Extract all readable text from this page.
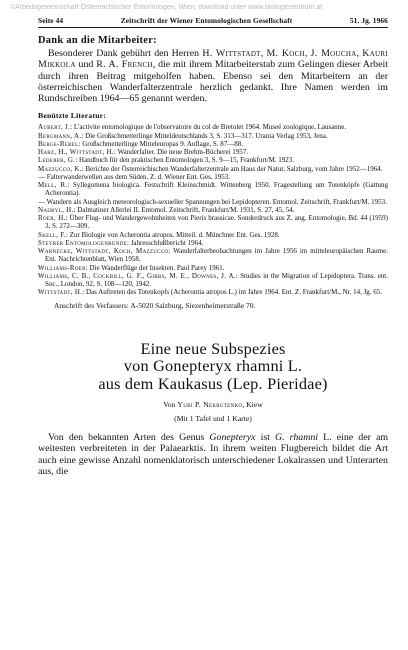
©Arbeitsgemeinschaft Österreichischer Entomologen, Wien, download unter www.biologiezentrum.at
Seite 44	Zeitschrift der Wiener Entomologischen Gesellschaft	51. Jg. 1966
Dank an die Mitarbeiter:

Besonderer Dank gebührt den Herren H. Wittstadt, M. Koch, J. Moucha, Kauri Mikkola und R. A. French, die mit ihrem Mitarbeiterstab zum Gelingen dieser Arbeit durch ihren Beitrag mitgeholfen haben. Ebenso sei den Mitarbeitern an der österreichischen Wanderfalterzentrale herzlich gedankt. Ihre Namen werden im Rundschreiben 1964—65 genannt werden.

Benützte Literatur:
Aubert, J.: L'activite entomologique de l'observatoire du col de Bretolet 1964. Museé zoologique, Lausanne.
Bergmann, A.: Die Großschmetterlinge Mitteldeutschlands 3, S. 313—317. Urania Verlag 1953, Jena.
Berge-Rebel: Großschmetterlinge Mitteleuropas 9. Auflage, S. 87—88.
Harz, H., Wittstadt, H.: Wanderfalter. Die neue Brehm-Bücherei 1957.
Lederer, G.: Handbuch für den praktischen Entomologen 3, S. 9—15, Frankfurt/M. 1923.
Mazzucco, K.: Berichte der Österreichischen Wanderfalterzentrale am Haus der Natur, Salzburg, vom Jahre 1952—1964.
— Falterwanderwellen aus dem Süden. Z. d. Wiener Ent. Ges. 1953.
Mell, R.: Syllegomena biologica. Festschrift Kleinschmidt. Wittenberg 1950. Fragestellung um Totenköpfe (Gattung Acherontia).
— Wandern als Ausgleich meteorologisch-sexueller Spannungen bei Lepidopteren. Entomol. Zeitschrift, Frankfurt/M. 1953.
Nadbyl, H.: Dalmatiner Allerlei II. Entomol. Zeitschrift, Frankfurt/M. 1931, S. 27, 45, 54.
Roer, H.: Über Flug- und Wandergewohnheiten von Pieris brassicae. Sonderdruck aus Z. ang. Entomologie, Bd. 44 (1959) 3, S. 272—309.
Skell, F.: Zur Biologie von Acherontia atropos. Mitteil. d. Münchner Ent. Ges. 1928.
Steyrer Entomologenrunde: Jahresschlußbericht 1964.
Warnecke, Wittstadt, Koch, Mazzucco: Wanderfalterbeobachtungen im Jahre 1956 im mitteleuropäischen Raume. Ent. Nachrichtenblatt, Wien 1958.
Williams-Roer: Die Wanderflüge der Insekten. Paul Parey 1961.
Williams, C. B., Cockbill, G. F., Gibbs, M. E., Downes, J. A.: Studies in the Migration of Lepidoptera. Trans. ent. Soc., London, 92, S. 108—120, 1942.
Wittstadt, H.: Das Auftreten des Totenkopfs (Acherontia atropos L.) im Jahre 1964. Ent. Z. Frankfurt/M., Nr. 14, Jg. 65.
Anschrift des Verfassers: A-5020 Salzburg, Siezenheimerstraße 70.
Eine neue Subspezies
von Gonepteryx rhamni L.
aus dem Kaukasus (Lep. Pieridae)
Von Yuri P. Nekrutenko, Kiew
(Mit 1 Tafel und 1 Karte)

Von den bekannten Arten des Genus Gonepteryx ist G. rhamni L. eine der am weitesten verbreiteten in der Palaearktis. In ihrem weiten Flugbereich bildet die Art auch eine gewisse Anzahl nomenklatorisch unterschiedener Lokalrassen und Unterarten aus, die
